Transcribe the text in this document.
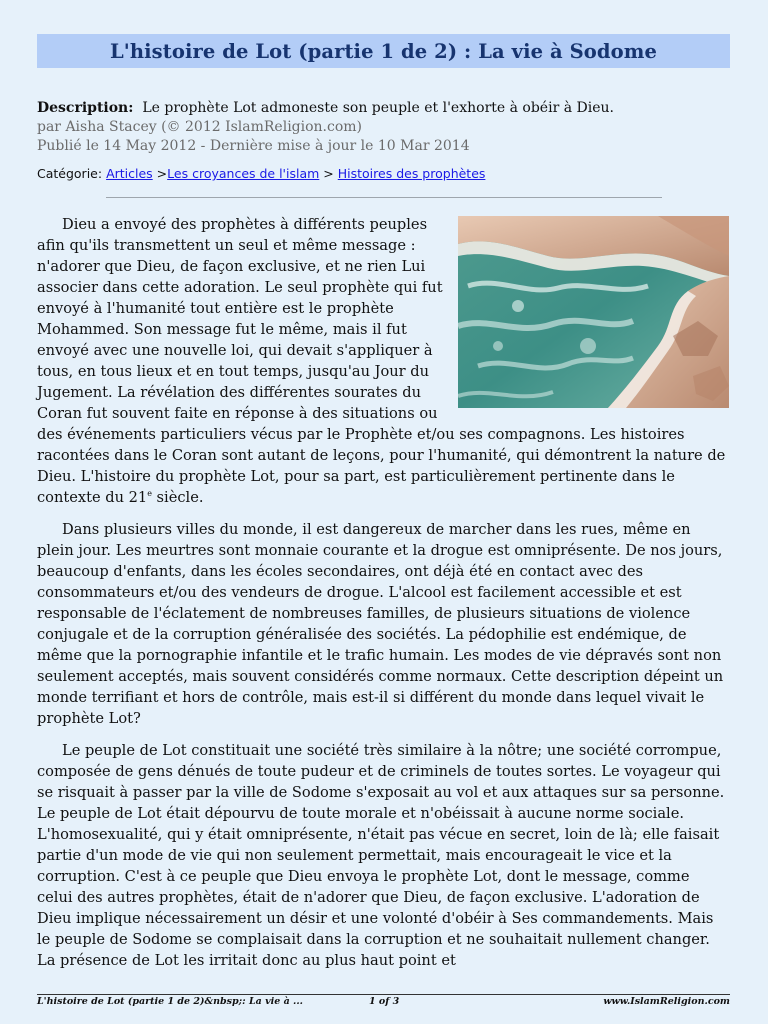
L'histoire de Lot (partie 1 de 2) : La vie à Sodome
Description: Le prophète Lot admoneste son peuple et l'exhorte à obéir à Dieu.
par Aisha Stacey (© 2012 IslamReligion.com)
Publié le 14 May 2012 - Dernière mise à jour le 10 Mar 2014
Catégorie: Articles >Les croyances de l'islam > Histoires des prophètes

Dieu a envoyé des prophètes à différents peuples afin qu'ils transmettent un seul et même message : n'adorer que Dieu, de façon exclusive, et ne rien Lui associer dans cette adoration. Le seul prophète qui fut envoyé à l'humanité tout entière est le prophète Mohammed. Son message fut le même, mais il fut envoyé avec une nouvelle loi, qui devait s'appliquer à tous, en tous lieux et en tout temps, jusqu'au Jour du Jugement. La révélation des différentes sourates du Coran fut souvent faite en réponse à des situations ou des événements particuliers vécus par le Prophète et/ou ses compagnons. Les histoires racontées dans le Coran sont autant de leçons, pour l'humanité, qui démontrent la nature de Dieu. L'histoire du prophète Lot, pour sa part, est particulièrement pertinente dans le contexte du 21e siècle.

Dans plusieurs villes du monde, il est dangereux de marcher dans les rues, même en plein jour. Les meurtres sont monnaie courante et la drogue est omniprésente. De nos jours, beaucoup d'enfants, dans les écoles secondaires, ont déjà été en contact avec des consommateurs et/ou des vendeurs de drogue. L'alcool est facilement accessible et est responsable de l'éclatement de nombreuses familles, de plusieurs situations de violence conjugale et de la corruption généralisée des sociétés. La pédophilie est endémique, de même que la pornographie infantile et le trafic humain. Les modes de vie dépravés sont non seulement acceptés, mais souvent considérés comme normaux. Cette description dépeint un monde terrifiant et hors de contrôle, mais est-il si différent du monde dans lequel vivait le prophète Lot?

Le peuple de Lot constituait une société très similaire à la nôtre; une société corrompue, composée de gens dénués de toute pudeur et de criminels de toutes sortes. Le voyageur qui se risquait à passer par la ville de Sodome s'exposait au vol et aux attaques sur sa personne. Le peuple de Lot était dépourvu de toute morale et n'obéissait à aucune norme sociale. L'homosexualité, qui y était omniprésente, n'était pas vécue en secret, loin de là; elle faisait partie d'un mode de vie qui non seulement permettait, mais encourageait le vice et la corruption. C'est à ce peuple que Dieu envoya le prophète Lot, dont le message, comme celui des autres prophètes, était de n'adorer que Dieu, de façon exclusive. L'adoration de Dieu implique nécessairement un désir et une volonté d'obéir à Ses commandements. Mais le peuple de Sodome se complaisait dans la corruption et ne souhaitait nullement changer. La présence de Lot les irritait donc au plus haut point et

L'histoire de Lot (partie 1 de 2)&nbsp;: La vie à ...	1 of 3	www.IslamReligion.com
